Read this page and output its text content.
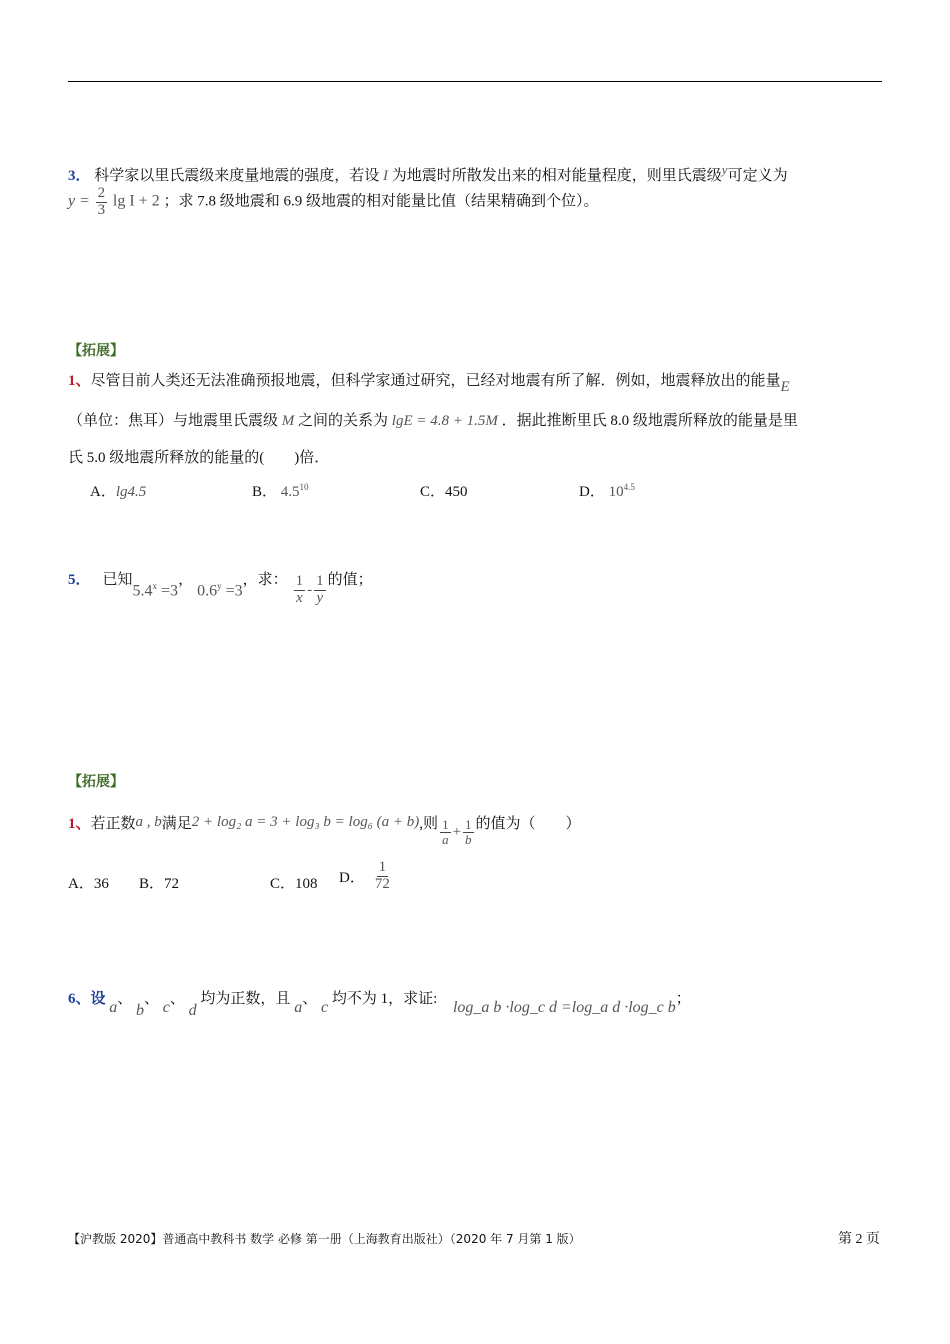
3． 科学家以里氏震级来度量地震的强度，若设 I 为地震时所散发出来的相对能量程度，则里氏震级$^y$可定义为
$y = \frac{2}{3}$ lg I + 2 ；求 7.8 级地震和 6.9 级地震的相对能量比值（结果精确到个位）。
【拓展】
1、尽管目前人类还无法准确预报地震，但科学家通过研究，已经对地震有所了解．例如，地震释放出的能量$_E$
（单位：焦耳）与地震里氏震级 M 之间的关系为 lgE = 4.8 + 1.5M ．据此推断里氏 8.0 级地震所释放的能量是里
氏 5.0 级地震所释放的能量的(　　)倍．
A．lg4.5	B． $4.5^{10}$	C．450	D． $10^{4.5}$
5． 已知
$5.4^x =3$
，
$0.6^y =3$
，求： $\frac{1}{x} - \frac{1}{y}$ 的值；
【拓展】
1、 若正数 a , b 满足 2 + log₂ a = 3 + log₃ b = log₆ (a + b) ,则 $\frac{1}{a} + \frac{1}{b}$ 的值为（　　）
A．36 B．72	C．108 D． $\frac{1}{72}$
6、设 a、 b、 c、 d 均为正数，且 a、 c 均不为 1，求证: log_a b ·log_c d =log_a d ·log_c b；
【沪教版 2020】普通高中教科书 数学 必修 第一册（上海教育出版社）（2020 年 7 月第 1 版）	第 2 页
